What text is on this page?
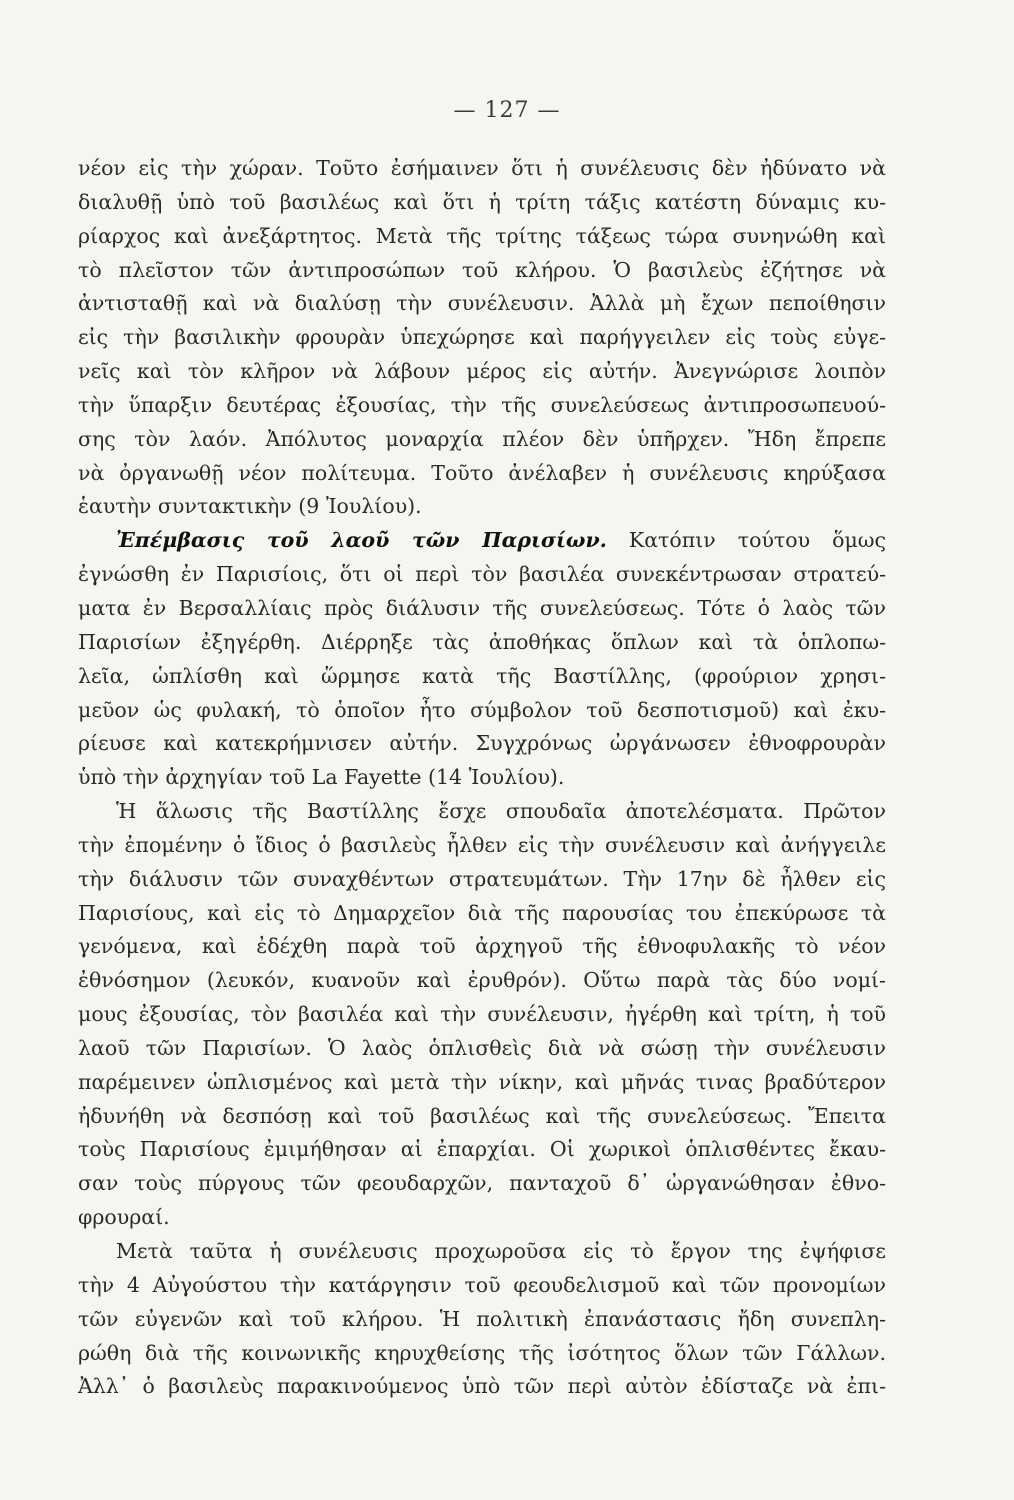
— 127 —
νέον εἰς τὴν χώραν. Τοῦτο ἐσήμαινεν ὅτι ἡ συνέλευσις δὲν ἠδύνατο νὰ
διαλυθῇ ὑπὸ τοῦ βασιλέως καὶ ὅτι ἡ τρίτη τάξις κατέστη δύναμις κυ-
ρίαρχος καὶ ἀνεξάρτητος. Μετὰ τῆς τρίτης τάξεως τώρα συνηνώθη καὶ
τὸ πλεῖστον τῶν ἀντιπροσώπων τοῦ κλήρου. Ὁ βασιλεὺς ἐζήτησε νὰ
ἀντισταθῇ καὶ νὰ διαλύσῃ τὴν συνέλευσιν. Ἀλλὰ μὴ ἔχων πεποίθησιν
εἰς τὴν βασιλικὴν φρουρὰν ὑπεχώρησε καὶ παρήγγειλεν εἰς τοὺς εὐγε-
νεῖς καὶ τὸν κλῆρον νὰ λάβουν μέρος εἰς αὐτήν. Ἀνεγνώρισε λοιπὸν
τὴν ὕπαρξιν δευτέρας ἐξουσίας, τὴν τῆς συνελεύσεως ἀντιπροσωπευού-
σης τὸν λαόν. Ἀπόλυτος μοναρχία πλέον δὲν ὑπῆρχεν. Ἤδη ἔπρεπε
νὰ ὀργανωθῇ νέον πολίτευμα. Τοῦτο ἀνέλαβεν ἡ συνέλευσις κηρύξασα
ἑαυτὴν συντακτικὴν (9 Ἰουλίου).
Ἐπέμβασις τοῦ λαοῦ τῶν Παρισίων. Κατόπιν τούτου ὅμως
ἐγνώσθη ἐν Παρισίοις, ὅτι οἱ περὶ τὸν βασιλέα συνεκέντρωσαν στρατεύ-
ματα ἐν Βερσαλλίαις πρὸς διάλυσιν τῆς συνελεύσεως. Τότε ὁ λαὸς τῶν
Παρισίων ἐξηγέρθη. Διέρρηξε τὰς ἀποθήκας ὅπλων καὶ τὰ ὁπλοπω-
λεῖα, ὡπλίσθη καὶ ὥρμησε κατὰ τῆς Βαστίλλης, (φρούριον χρησι-
μεῦον ὡς φυλακή, τὸ ὁποῖον ἦτο σύμβολον τοῦ δεσποτισμοῦ) καὶ ἐκυ-
ρίευσε καὶ κατεκρήμνισεν αὐτήν. Συγχρόνως ὠργάνωσεν ἐθνοφρουρὰν
ὑπὸ τὴν ἀρχηγίαν τοῦ La Fayette (14 Ἰουλίου).
Ἡ ἅλωσις τῆς Βαστίλλης ἔσχε σπουδαῖα ἀποτελέσματα. Πρῶτον
τὴν ἐπομένην ὁ ἴδιος ὁ βασιλεὺς ἦλθεν εἰς τὴν συνέλευσιν καὶ ἀνήγγειλε
τὴν διάλυσιν τῶν συναχθέντων στρατευμάτων. Τὴν 17ην δὲ ἦλθεν εἰς
Παρισίους, καὶ εἰς τὸ Δημαρχεῖον διὰ τῆς παρουσίας του ἐπεκύρωσε τὰ
γενόμενα, καὶ ἐδέχθη παρὰ τοῦ ἀρχηγοῦ τῆς ἐθνοφυλακῆς τὸ νέον
ἐθνόσημον (λευκόν, κυανοῦν καὶ ἐρυθρόν). Οὕτω παρὰ τὰς δύο νομί-
μους ἐξουσίας, τὸν βασιλέα καὶ τὴν συνέλευσιν, ἠγέρθη καὶ τρίτη, ἡ τοῦ
λαοῦ τῶν Παρισίων. Ὁ λαὸς ὁπλισθεὶς διὰ νὰ σώσῃ τὴν συνέλευσιν
παρέμεινεν ὡπλισμένος καὶ μετὰ τὴν νίκην, καὶ μῆνάς τινας βραδύτερον
ἠδυνήθη νὰ δεσπόσῃ καὶ τοῦ βασιλέως καὶ τῆς συνελεύσεως. Ἔπειτα
τοὺς Παρισίους ἐμιμήθησαν αἱ ἐπαρχίαι. Οἱ χωρικοὶ ὁπλισθέντες ἔκαυ-
σαν τοὺς πύργους τῶν φεουδαρχῶν, πανταχοῦ δ᾽ ὠργανώθησαν ἐθνο-
φρουραί.
Μετὰ ταῦτα ἡ συνέλευσις προχωροῦσα εἰς τὸ ἔργον της ἐψήφισε
τὴν 4 Αὐγούστου τὴν κατάργησιν τοῦ φεουδελισμοῦ καὶ τῶν προνομίων
τῶν εὐγενῶν καὶ τοῦ κλήρου. Ἡ πολιτικὴ ἐπανάστασις ἤδη συνεπλη-
ρώθη διὰ τῆς κοινωνικῆς κηρυχθείσης τῆς ἰσότητος ὅλων τῶν Γάλλων.
Ἀλλ᾽ ὁ βασιλεὺς παρακινούμενος ὑπὸ τῶν περὶ αὐτὸν ἐδίσταζε νὰ ἐπι-
